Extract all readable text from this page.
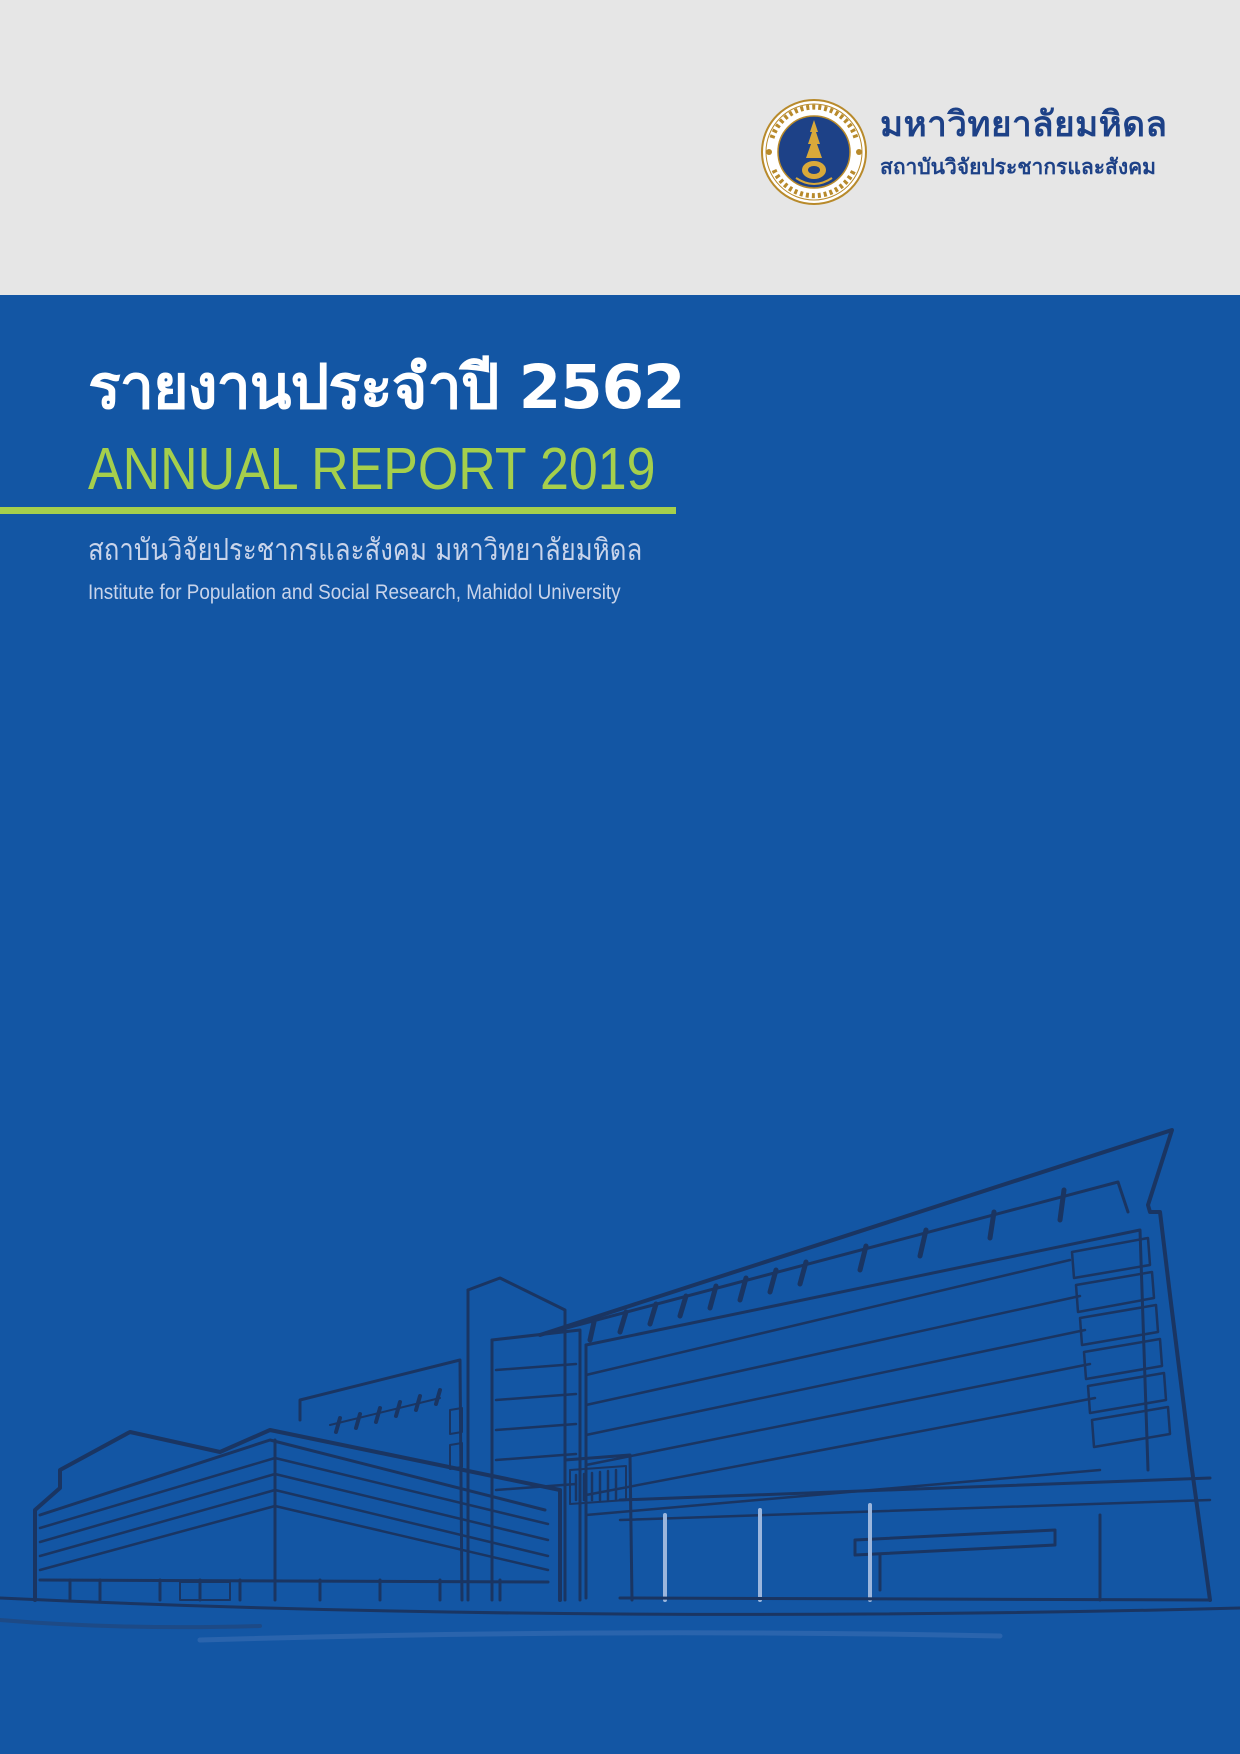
มหาวิทยาลัยมหิดล
สถาบันวิจัยประชากรและสังคม
รายงานประจำปี 2562
ANNUAL REPORT 2019
สถาบันวิจัยประชากรและสังคม มหาวิทยาลัยมหิดล
Institute for Population and Social Research, Mahidol University
